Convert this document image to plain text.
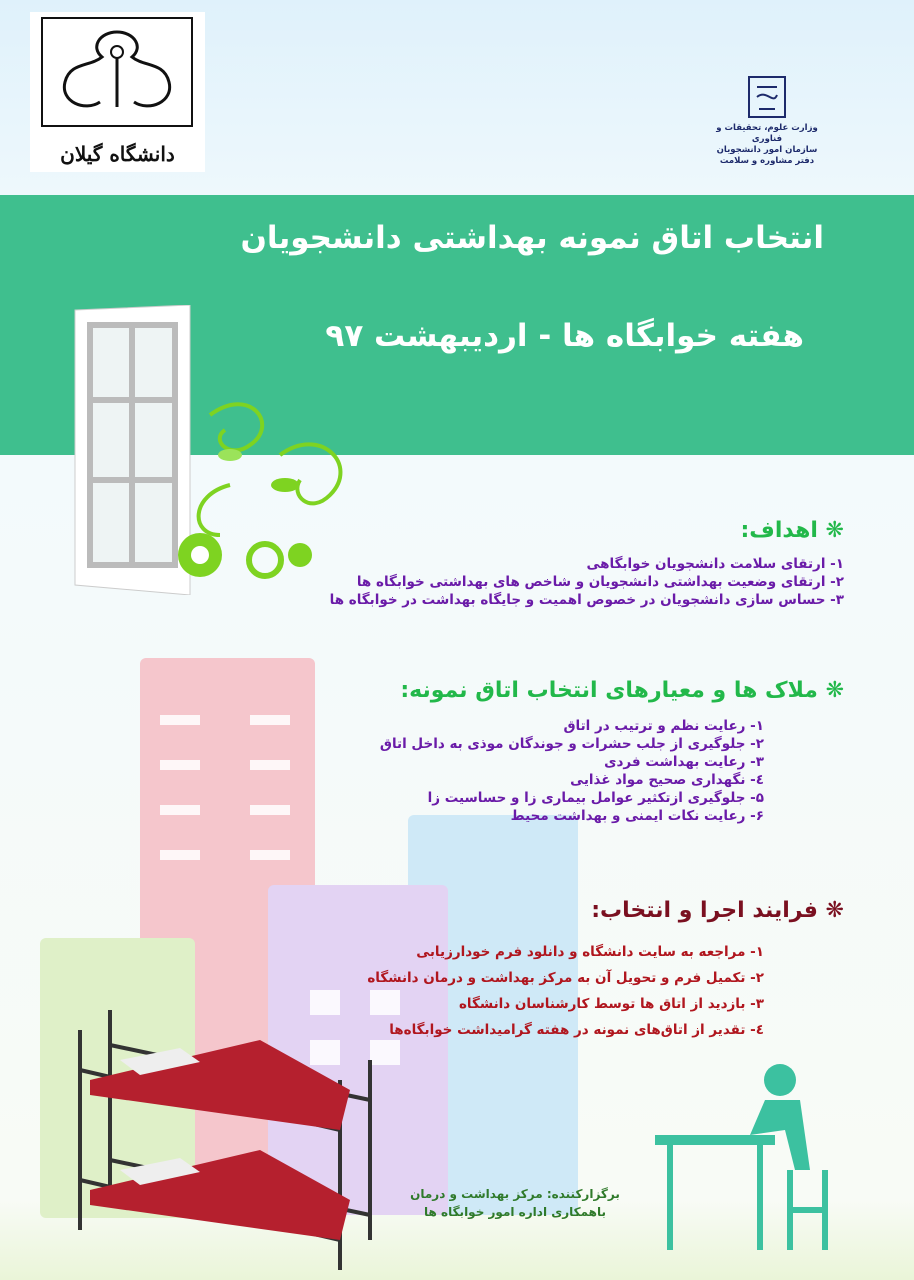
دانشگاه گیلان
وزارت علوم، تحقیقات و فناوری
سازمان امور دانشجویان
دفتر مشاوره و سلامت
انتخاب اتاق نمونه بهداشتی دانشجویان
هفته خوابگاه ها - اردیبهشت ۹۷
❋ اهداف:
۱- ارتقای سلامت دانشجویان خوابگاهی
۲- ارتقای وضعیت بهداشتی دانشجویان و شاخص های بهداشتی خوابگاه ها
۳- حساس سازی دانشجویان در خصوص اهمیت و جایگاه بهداشت در خوابگاه ها
❋ ملاک ها و معیارهای انتخاب اتاق نمونه:
۱- رعایت نظم و ترتیب در اتاق
۲- جلوگیری از جلب حشرات و جوندگان موذی به داخل اتاق
۳- رعایت بهداشت فردی
٤- نگهداری صحیح مواد غذایی
۵- جلوگیری ازتکثیر عوامل بیماری زا و حساسیت زا
۶- رعایت نکات ایمنی و بهداشت محیط
❋ فرایند اجرا و انتخاب:
۱- مراجعه به سایت دانشگاه و دانلود فرم خودارزیابی
۲- تکمیل فرم و تحویل آن به مرکز بهداشت و درمان دانشگاه
۳- بازدید از اتاق ها توسط کارشناسان دانشگاه
٤- تقدیر از اتاق‌های نمونه در هفته گرامیداشت خوابگاه‌ها
برگزارکننده: مرکز بهداشت و درمان
باهمکاری اداره امور خوابگاه ها
